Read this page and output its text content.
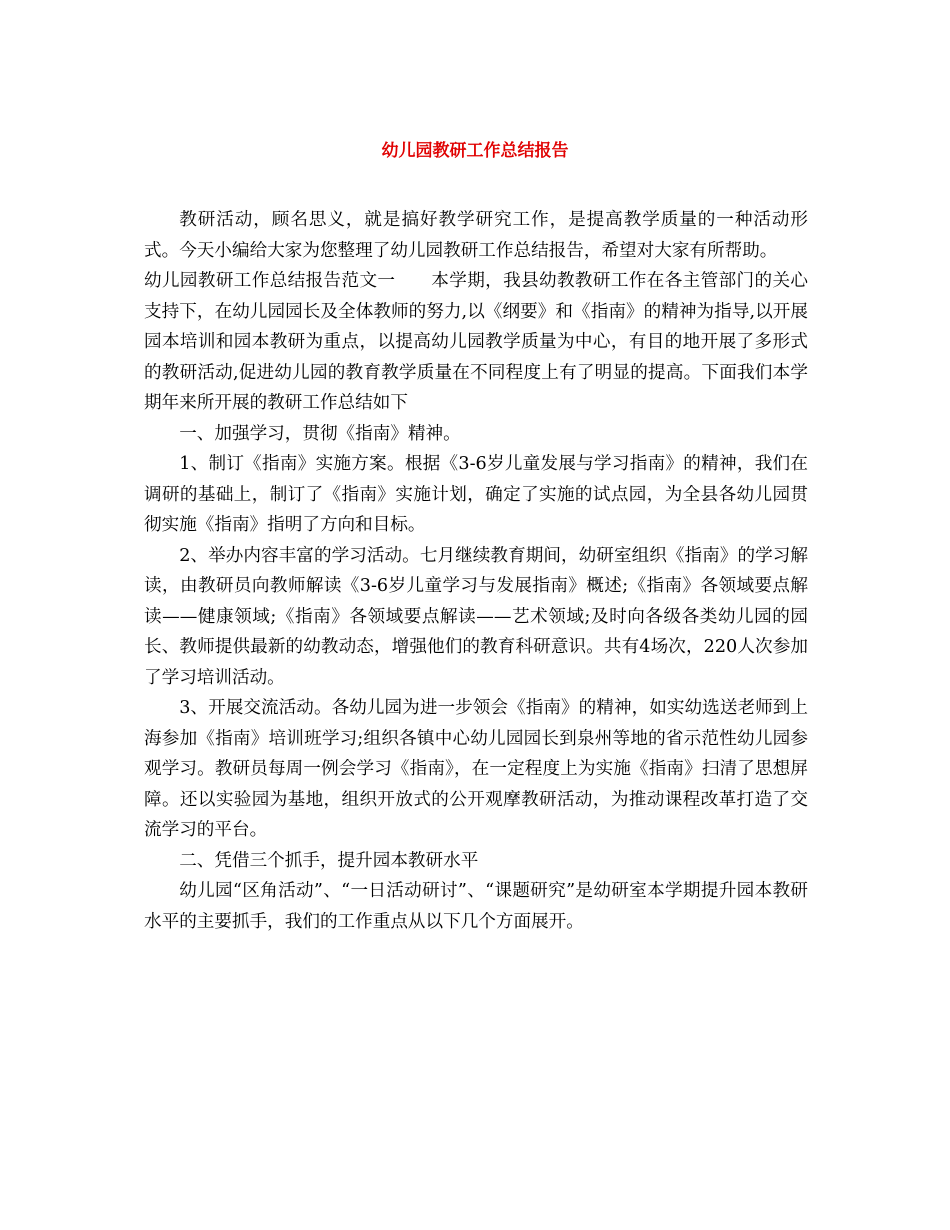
幼儿园教研工作总结报告

教研活动，顾名思义，就是搞好教学研究工作，是提高教学质量的一种活动形式。今天小编给大家为您整理了幼儿园教研工作总结报告，希望对大家有所帮助。

幼儿园教研工作总结报告范文一　　本学期，我县幼教教研工作在各主管部门的关心支持下，在幼儿园园长及全体教师的努力,以《纲要》和《指南》的精神为指导,以开展园本培训和园本教研为重点，以提高幼儿园教学质量为中心，有目的地开展了多形式的教研活动,促进幼儿园的教育教学质量在不同程度上有了明显的提高。下面我们本学期年来所开展的教研工作总结如下

一、加强学习，贯彻《指南》精神。

1、制订《指南》实施方案。根据《3-6岁儿童发展与学习指南》的精神，我们在调研的基础上，制订了《指南》实施计划，确定了实施的试点园，为全县各幼儿园贯彻实施《指南》指明了方向和目标。

2、举办内容丰富的学习活动。七月继续教育期间，幼研室组织《指南》的学习解读，由教研员向教师解读《3-6岁儿童学习与发展指南》概述;《指南》各领域要点解读——健康领域;《指南》各领域要点解读——艺术领域;及时向各级各类幼儿园的园长、教师提供最新的幼教动态，增强他们的教育科研意识。共有4场次，220人次参加了学习培训活动。

3、开展交流活动。各幼儿园为进一步领会《指南》的精神，如实幼选送老师到上海参加《指南》培训班学习;组织各镇中心幼儿园园长到泉州等地的省示范性幼儿园参观学习。教研员每周一例会学习《指南》，在一定程度上为实施《指南》扫清了思想屏障。还以实验园为基地，组织开放式的公开观摩教研活动，为推动课程改革打造了交流学习的平台。

二、凭借三个抓手，提升园本教研水平

幼儿园“区角活动”、“一日活动研讨”、“课题研究”是幼研室本学期提升园本教研水平的主要抓手，我们的工作重点从以下几个方面展开。
